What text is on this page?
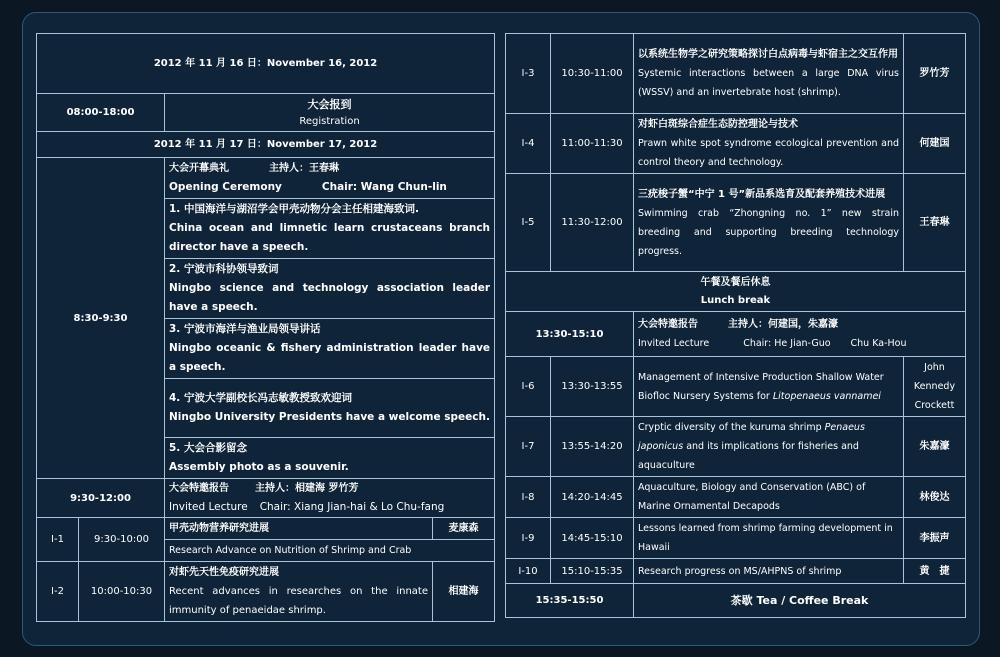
2012 年 11 月 16 日：November 16, 2012			
08:00-18:00		大会报到
Registration	

2012 年 11 月 17 日：November 17, 2012			
8:30-9:30		大会开幕典礼 主持人：王春琳
Opening Ceremony Chair: Wang Chun-lin	

		1. 中国海洋与湖沼学会甲壳动物分会主任相建海致词.
China ocean and limnetic learn crustaceans branch director have a speech.	

		2. 宁波市科协领导致词
Ningbo science and technology association leader have a speech.	

		3. 宁波市海洋与渔业局领导讲话
Ningbo oceanic & fishery administration leader have a speech.	

		4. 宁波大学副校长冯志敏教授致欢迎词
Ningbo University Presidents have a welcome speech.	

		5. 大会合影留念
Assembly photo as a souvenir.	

9:30-12:00		大会特邀报告 主持人：相建海 罗竹芳
Invited Lecture Chair: Xiang Jian-hai & Lo Chu-fang	

I-1	9:30-10:00	甲壳动物营养研究进展	麦康森
		Research Advance on Nutrition of Shrimp and Crab	
I-2	10:00-10:30	对虾先天性免疫研究进展
Recent advances in researches on the innate immunity of penaeidae shrimp.	相建海
I-3	10:30-11:00	以系统生物学之研究策略探讨白点病毒与虾宿主之交互作用
Systemic interactions between a large DNA virus (WSSV) and an invertebrate host (shrimp).	罗竹芳
I-4	11:00-11:30	对虾白斑综合症生态防控理论与技术
Prawn white spot syndrome ecological prevention and control theory and technology.	何建国
I-5	11:30-12:00	三疣梭子蟹“中宁 1 号”新品系选育及配套养殖技术进展
Swimming crab “Zhongning no. 1” new strain breeding and supporting breeding technology progress.	王春琳

午餐及餐后休息
Lunch break			

13:30-15:10		大会特邀报告 主持人：何建国，朱嘉濠
Invited Lecture Chair: He Jian-Guo Chu Ka-Hou	

I-6	13:30-13:55	Management of Intensive Production Shallow Water Biofloc Nursery Systems for Litopenaeus vannamei	John Kennedy Crockett
I-7	13:55-14:20	Cryptic diversity of the kuruma shrimp Penaeus japonicus and its implications for fisheries and aquaculture	朱嘉濠
I-8	14:20-14:45	Aquaculture, Biology and Conservation (ABC) of Marine Ornamental Decapods	林俊达
I-9	14:45-15:10	Lessons learned from shrimp farming development in Hawaii	李振声
I-10	15:10-15:35	Research progress on MS/AHPNS of shrimp	黄　捷
15:35-15:50		茶歇 Tea / Coffee Break	
